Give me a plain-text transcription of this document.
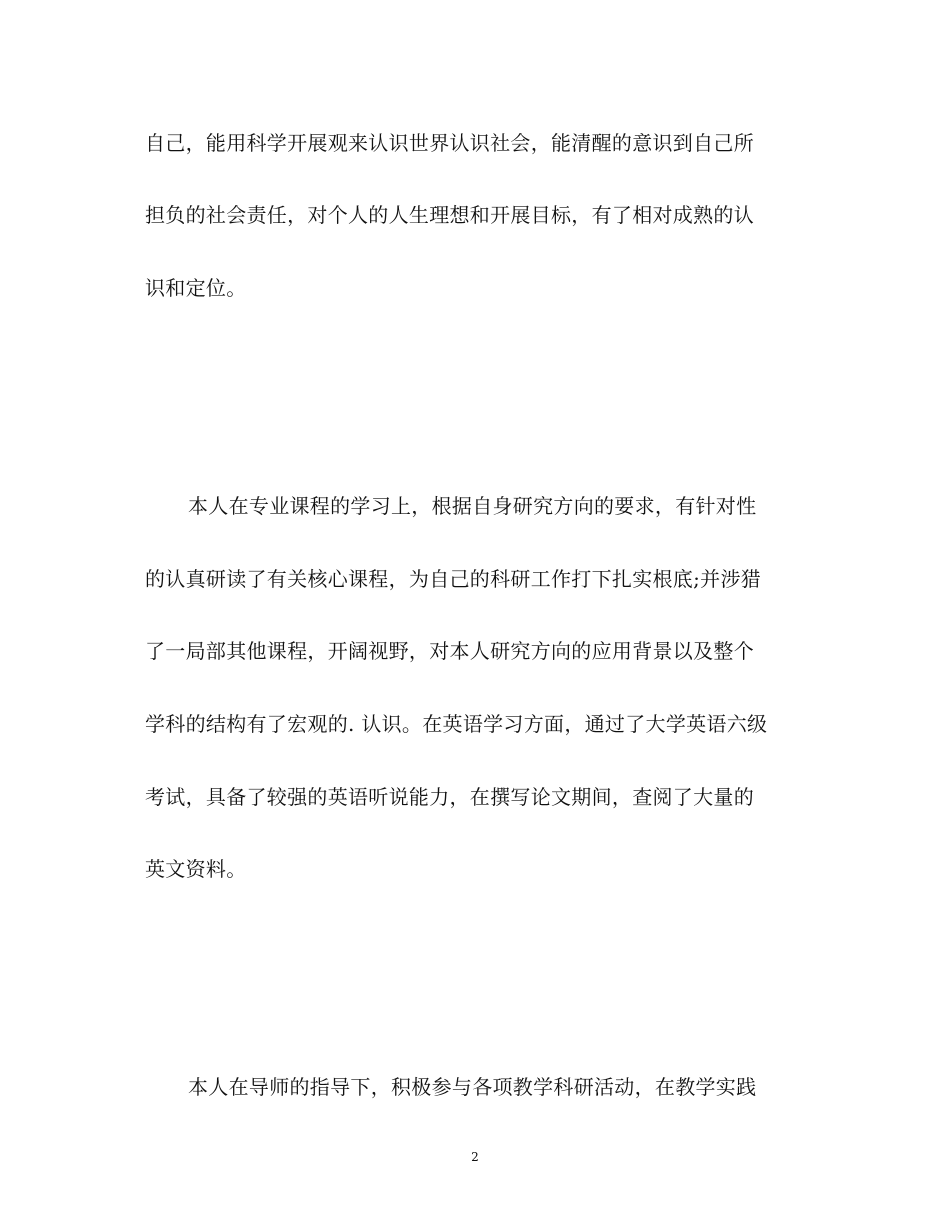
自己，能用科学开展观来认识世界认识社会，能清醒的意识到自己所
担负的社会责任，对个人的人生理想和开展目标，有了相对成熟的认
识和定位。
本人在专业课程的学习上，根据自身研究方向的要求，有针对性
的认真研读了有关核心课程，为自己的科研工作打下扎实根底;并涉猎
了一局部其他课程，开阔视野，对本人研究方向的应用背景以及整个
学科的结构有了宏观的. 认识。在英语学习方面，通过了大学英语六级
考试，具备了较强的英语听说能力，在撰写论文期间，查阅了大量的
英文资料。
本人在导师的指导下，积极参与各项教学科研活动，在教学实践
2
